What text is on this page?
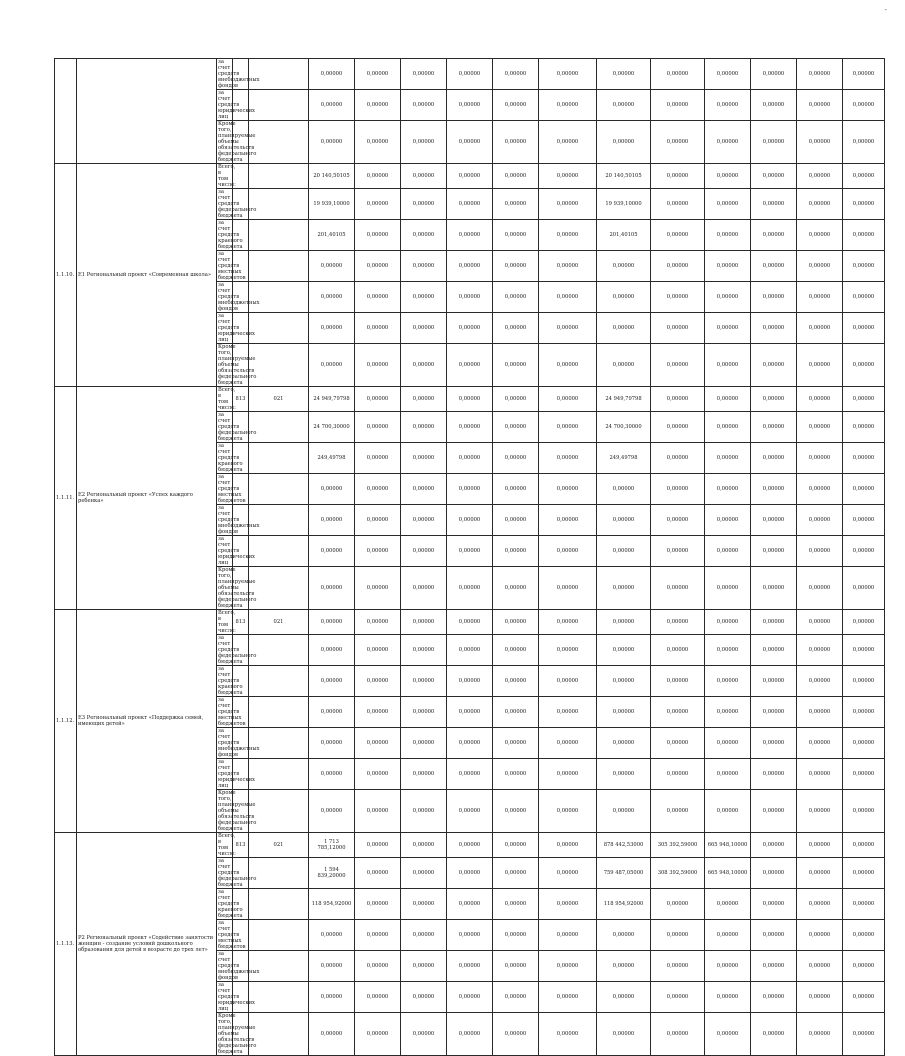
-
		за счет средств внебюджетных фондов			0,00000	0,00000	0,00000	0,00000	0,00000	0,00000	0,00000	0,00000	0,00000	0,00000	0,00000	0,00000	
		за счет средств юридических лиц			0,00000	0,00000	0,00000	0,00000	0,00000	0,00000	0,00000	0,00000	0,00000	0,00000	0,00000	0,00000	
		Кроме того, планируемые объемы обязательств федерального бюджета			0,00000	0,00000	0,00000	0,00000	0,00000	0,00000	0,00000	0,00000	0,00000	0,00000	0,00000	0,00000	
1.1.10.	Е1 Региональный проект «Современная школа»	Всего, в том числе:			20 140,50105	0,00000	0,00000	0,00000	0,00000	0,00000	20 140,50105	0,00000	0,00000	0,00000	0,00000	0,00000	
		за счет средств федерального бюджета			19 939,10000	0,00000	0,00000	0,00000	0,00000	0,00000	19 939,10000	0,00000	0,00000	0,00000	0,00000	0,00000	
		за счет средств краевого бюджета			201,40105	0,00000	0,00000	0,00000	0,00000	0,00000	201,40105	0,00000	0,00000	0,00000	0,00000	0,00000	
		за счет средств местных бюджетов			0,00000	0,00000	0,00000	0,00000	0,00000	0,00000	0,00000	0,00000	0,00000	0,00000	0,00000	0,00000	
		за счет средств внебюджетных фондов			0,00000	0,00000	0,00000	0,00000	0,00000	0,00000	0,00000	0,00000	0,00000	0,00000	0,00000	0,00000	
		за счет средств юридических лиц			0,00000	0,00000	0,00000	0,00000	0,00000	0,00000	0,00000	0,00000	0,00000	0,00000	0,00000	0,00000	
		Кроме того, планируемые объемы обязательств федерального бюджета			0,00000	0,00000	0,00000	0,00000	0,00000	0,00000	0,00000	0,00000	0,00000	0,00000	0,00000	0,00000	
1.1.11.	Е2 Региональный проект «Успех каждого ребенка»	Всего, в том числе:	813	021	24 949,79798	0,00000	0,00000	0,00000	0,00000	0,00000	24 949,79798	0,00000	0,00000	0,00000	0,00000	0,00000	
		за счет средств федерального бюджета			24 700,30000	0,00000	0,00000	0,00000	0,00000	0,00000	24 700,30000	0,00000	0,00000	0,00000	0,00000	0,00000	
		за счет средств краевого бюджета			249,49798	0,00000	0,00000	0,00000	0,00000	0,00000	249,49798	0,00000	0,00000	0,00000	0,00000	0,00000	
		за счет средств местных бюджетов			0,00000	0,00000	0,00000	0,00000	0,00000	0,00000	0,00000	0,00000	0,00000	0,00000	0,00000	0,00000	
		за счет средств внебюджетных фондов			0,00000	0,00000	0,00000	0,00000	0,00000	0,00000	0,00000	0,00000	0,00000	0,00000	0,00000	0,00000	
		за счет средств юридических лиц			0,00000	0,00000	0,00000	0,00000	0,00000	0,00000	0,00000	0,00000	0,00000	0,00000	0,00000	0,00000	
		Кроме того, планируемые объемы обязательств федерального бюджета			0,00000	0,00000	0,00000	0,00000	0,00000	0,00000	0,00000	0,00000	0,00000	0,00000	0,00000	0,00000	
1.1.12.	Е3 Региональный проект «Поддержка семей, имеющих детей»	Всего, в том числе:	813	021	0,00000	0,00000	0,00000	0,00000	0,00000	0,00000	0,00000	0,00000	0,00000	0,00000	0,00000	0,00000	
		за счет средств федерального бюджета			0,00000	0,00000	0,00000	0,00000	0,00000	0,00000	0,00000	0,00000	0,00000	0,00000	0,00000	0,00000	
		за счет средств краевого бюджета			0,00000	0,00000	0,00000	0,00000	0,00000	0,00000	0,00000	0,00000	0,00000	0,00000	0,00000	0,00000	
		за счет средств местных бюджетов			0,00000	0,00000	0,00000	0,00000	0,00000	0,00000	0,00000	0,00000	0,00000	0,00000	0,00000	0,00000	
		за счет средств внебюджетных фондов			0,00000	0,00000	0,00000	0,00000	0,00000	0,00000	0,00000	0,00000	0,00000	0,00000	0,00000	0,00000	
		за счет средств юридических лиц			0,00000	0,00000	0,00000	0,00000	0,00000	0,00000	0,00000	0,00000	0,00000	0,00000	0,00000	0,00000	
		Кроме того, планируемые объемы обязательств федерального бюджета			0,00000	0,00000	0,00000	0,00000	0,00000	0,00000	0,00000	0,00000	0,00000	0,00000	0,00000	0,00000	
1.1.13.	Р2 Региональный проект «Содействие занятости женщин - создание условий дошкольного образования для детей в возрасте до трех лет»	Всего, в том числе:	813	021	1 713 785,12000	0,00000	0,00000	0,00000	0,00000	0,00000	878 442,53000	305 392,59000	665 948,10000	0,00000	0,00000	0,00000	
		за счет средств федерального бюджета			1 594 839,20000	0,00000	0,00000	0,00000	0,00000	0,00000	759 487,05000	308 392,59000	665 948,10000	0,00000	0,00000	0,00000	
		за счет средств краевого бюджета			118 954,92000	0,00000	0,00000	0,00000	0,00000	0,00000	118 954,92000	0,00000	0,00000	0,00000	0,00000	0,00000	
		за счет средств местных бюджетов			0,00000	0,00000	0,00000	0,00000	0,00000	0,00000	0,00000	0,00000	0,00000	0,00000	0,00000	0,00000	
		за счет средств внебюджетных фондов			0,00000	0,00000	0,00000	0,00000	0,00000	0,00000	0,00000	0,00000	0,00000	0,00000	0,00000	0,00000	
		за счет средств юридических лиц			0,00000	0,00000	0,00000	0,00000	0,00000	0,00000	0,00000	0,00000	0,00000	0,00000	0,00000	0,00000	
		Кроме того, планируемые объемы обязательств федерального бюджета			0,00000	0,00000	0,00000	0,00000	0,00000	0,00000	0,00000	0,00000	0,00000	0,00000	0,00000	0,00000	
